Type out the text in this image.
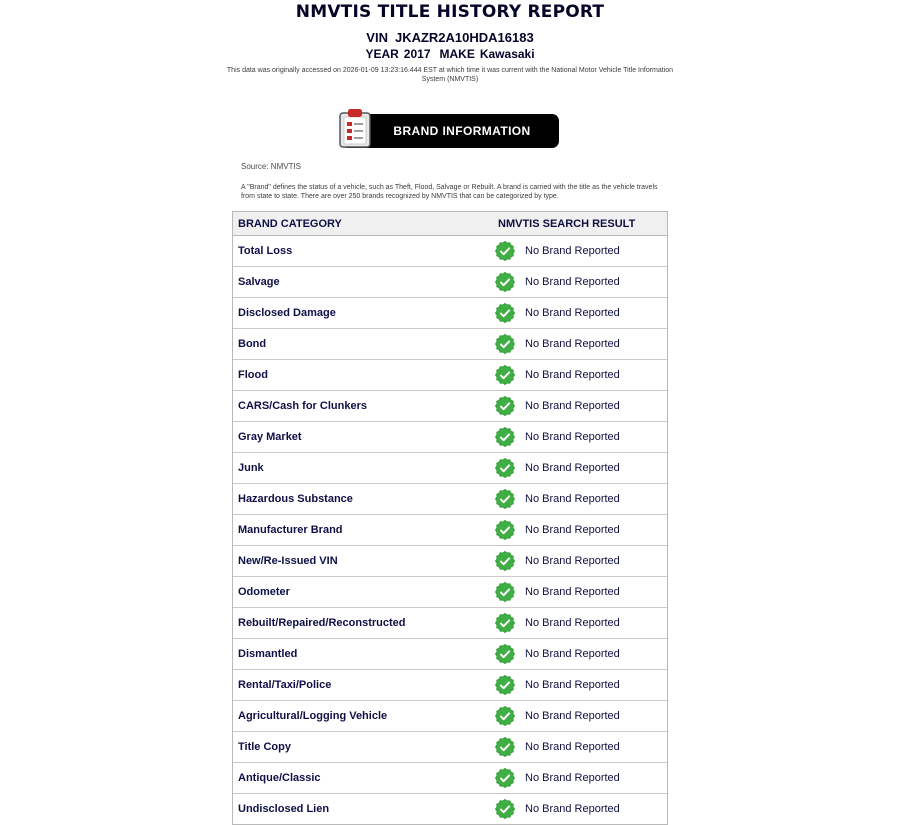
NMVTIS TITLE HISTORY REPORT
VIN JKAZR2A10HDA16183
YEAR 2017 MAKE Kawasaki
This data was originally accessed on 2026-01-09 13:23:16.444 EST at which time it was current with the National Motor Vehicle Title Information
System (NMVTIS)
BRAND INFORMATION
Source: NMVTIS
A "Brand" defines the status of a vehicle, such as Theft, Flood, Salvage or Rebuilt. A brand is carried with the title as the vehicle travels from state to state. There are over 250 brands recognized by NMVTIS that can be categorized by type.
BRAND CATEGORY	NMVTIS SEARCH RESULT
Total Loss	No Brand Reported
Salvage	No Brand Reported
Disclosed Damage	No Brand Reported
Bond	No Brand Reported
Flood	No Brand Reported
CARS/Cash for Clunkers	No Brand Reported
Gray Market	No Brand Reported
Junk	No Brand Reported
Hazardous Substance	No Brand Reported
Manufacturer Brand	No Brand Reported
New/Re-Issued VIN	No Brand Reported
Odometer	No Brand Reported
Rebuilt/Repaired/Reconstructed	No Brand Reported
Dismantled	No Brand Reported
Rental/Taxi/Police	No Brand Reported
Agricultural/Logging Vehicle	No Brand Reported
Title Copy	No Brand Reported
Antique/Classic	No Brand Reported
Undisclosed Lien	No Brand Reported
